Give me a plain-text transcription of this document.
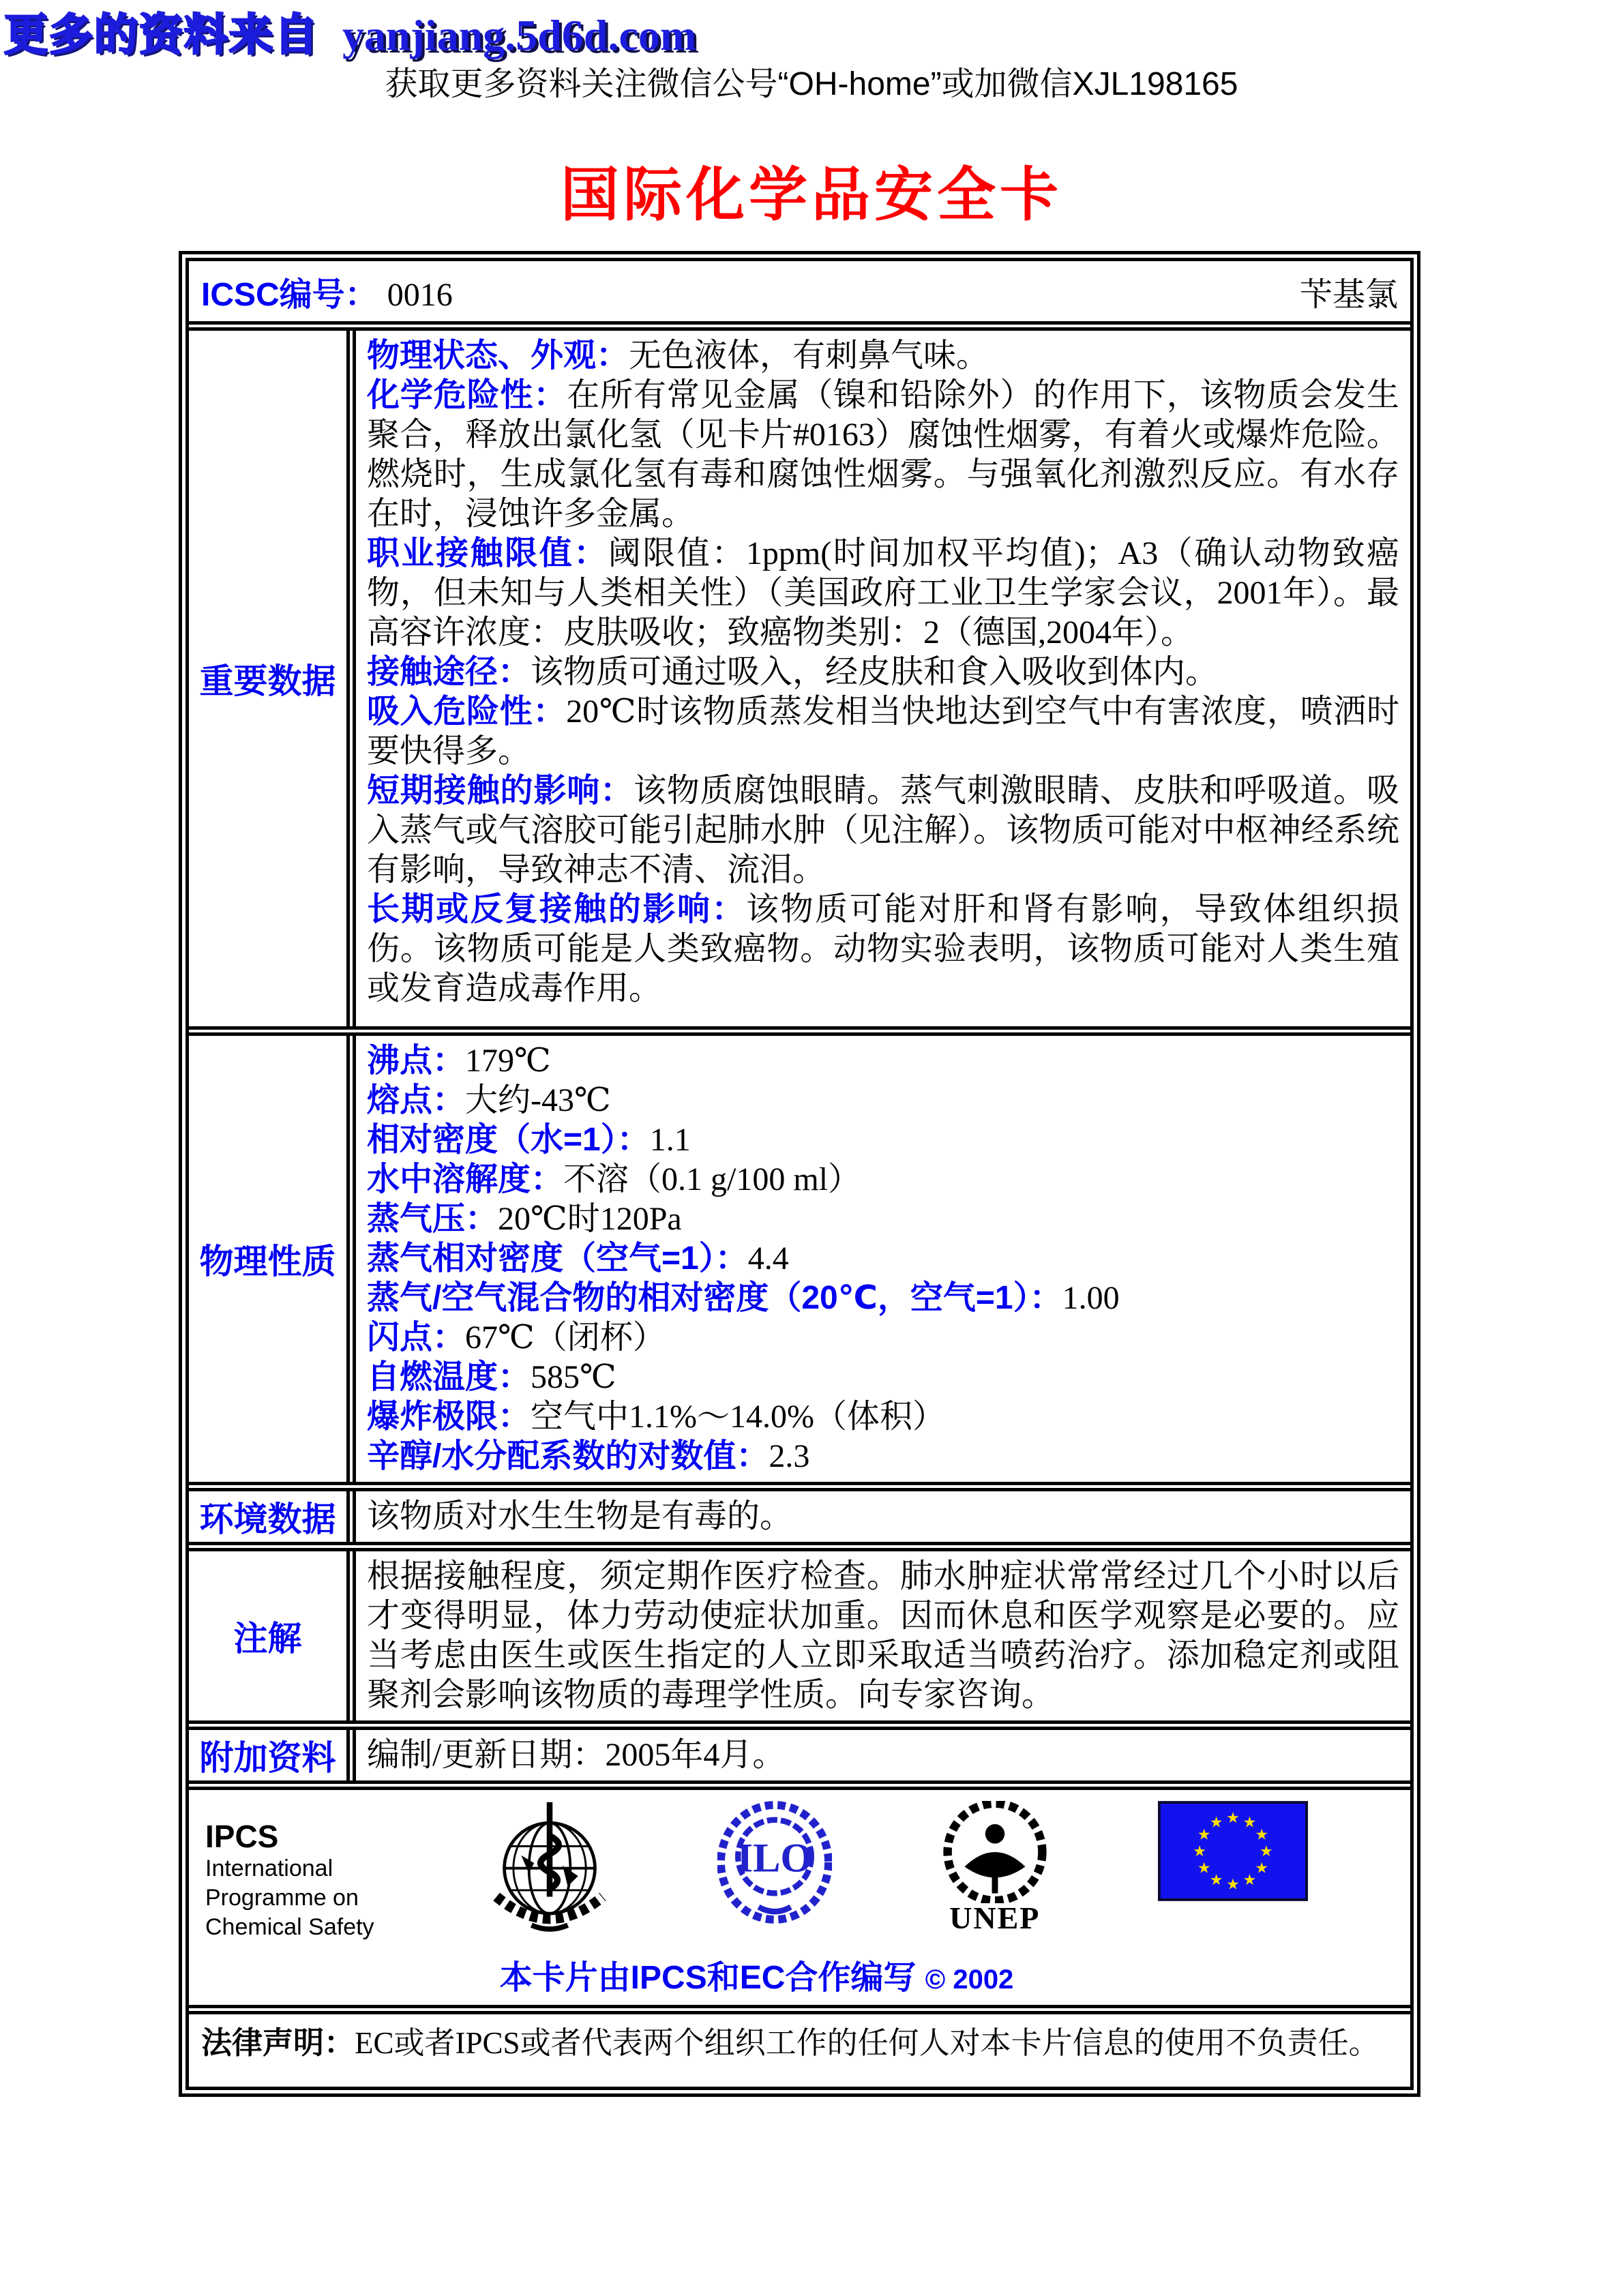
更多的资料来自 yanjiang.5d6d.com
获取更多资料关注微信公号“OH-home”或加微信XJL198165
国际化学品安全卡
ICSC编号： 0016	苄基氯
重要数据

物理状态、外观：无色液体，有刺鼻气味。

化学危险性：在所有常见金属（镍和铅除外）的作用下，该物质会发生聚合，释放出氯化氢（见卡片#0163）腐蚀性烟雾，有着火或爆炸危险。燃烧时，生成氯化氢有毒和腐蚀性烟雾。与强氧化剂激烈反应。有水存在时，浸蚀许多金属。

职业接触限值：阈限值：1ppm(时间加权平均值)；A3（确认动物致癌物，但未知与人类相关性）（美国政府工业卫生学家会议，2001年）。最高容许浓度：皮肤吸收；致癌物类别：2（德国,2004年）。

接触途径：该物质可通过吸入，经皮肤和食入吸收到体内。

吸入危险性：20℃时该物质蒸发相当快地达到空气中有害浓度，喷洒时要快得多。

短期接触的影响：该物质腐蚀眼睛。蒸气刺激眼睛、皮肤和呼吸道。吸入蒸气或气溶胶可能引起肺水肿（见注解）。该物质可能对中枢神经系统有影响，导致神志不清、流泪。

长期或反复接触的影响：该物质可能对肝和肾有影响，导致体组织损伤。该物质可能是人类致癌物。动物实验表明，该物质可能对人类生殖或发育造成毒作用。

物理性质
沸点：179℃
熔点：大约-43℃
相对密度（水=1）：1.1
水中溶解度：不溶（0.1 g/100 ml）
蒸气压：20℃时120Pa
蒸气相对密度（空气=1）：4.4
蒸气/空气混合物的相对密度（20℃，空气=1）：1.00
闪点：67℃（闭杯）
自燃温度：585℃
爆炸极限：空气中1.1%～14.0%（体积）
辛醇/水分配系数的对数值：2.3
环境数据 该物质对水生生物是有毒的。
注解
根据接触程度，须定期作医疗检查。肺水肿症状常常经过几个小时以后才变得明显，体力劳动使症状加重。因而休息和医学观察是必要的。应当考虑由医生或医生指定的人立即采取适当喷药治疗。添加稳定剂或阻聚剂会影响该物质的毒理学性质。向专家咨询。
附加资料 编制/更新日期：2005年4月。
IPCS
International
Programme on
Chemical Safety
ILO
UNEP
★ ★
★
★
★
★
★
★
★
★
★
★
本卡片由IPCS和EC合作编写 © 2002
法律声明：EC或者IPCS或者代表两个组织工作的任何人对本卡片信息的使用不负责任。
